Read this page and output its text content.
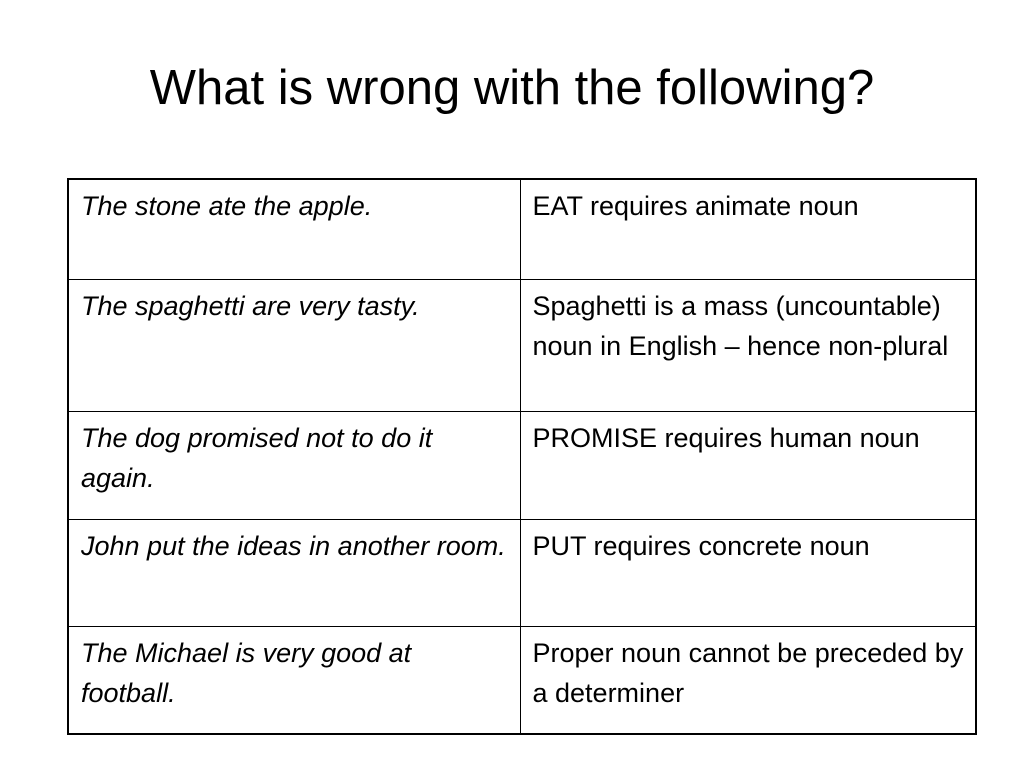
What is wrong with the following?
The stone ate the apple.	EAT requires animate noun
The spaghetti are very tasty.	Spaghetti is a mass (uncountable) noun in English – hence non-plural
The dog promised not to do it again.	PROMISE requires human noun
John put the ideas in another room.	PUT requires concrete noun
The Michael is very good at football.	Proper noun cannot be preceded by a determiner
